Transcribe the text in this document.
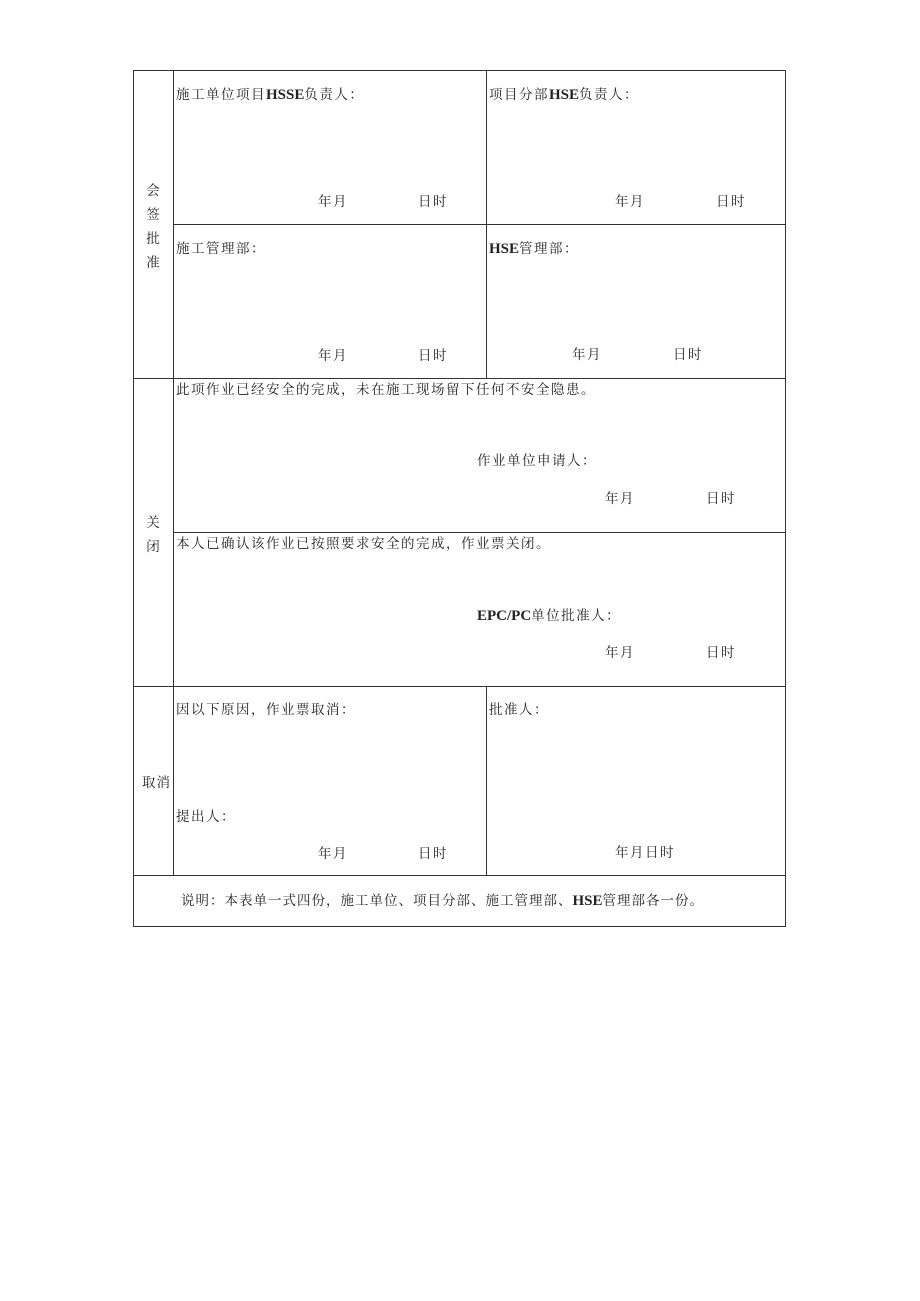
会
签
批
准
施工单位项目HSSE负责人：
年月	日时
项目分部HSE负责人：
年月	日时
施工管理部：
年月	日时
HSE管理部：
年月	日时
关
闭
此项作业已经安全的完成，未在施工现场留下任何不安全隐患。
作业单位申请人：
年月	日时
本人已确认该作业已按照要求安全的完成，作业票关闭。
EPC/PC单位批准人：
年月	日时
取消
因以下原因，作业票取消：
提出人：
年月	日时
批准人：
年月日时
说明：本表单一式四份，施工单位、项目分部、施工管理部、HSE管理部各一份。
